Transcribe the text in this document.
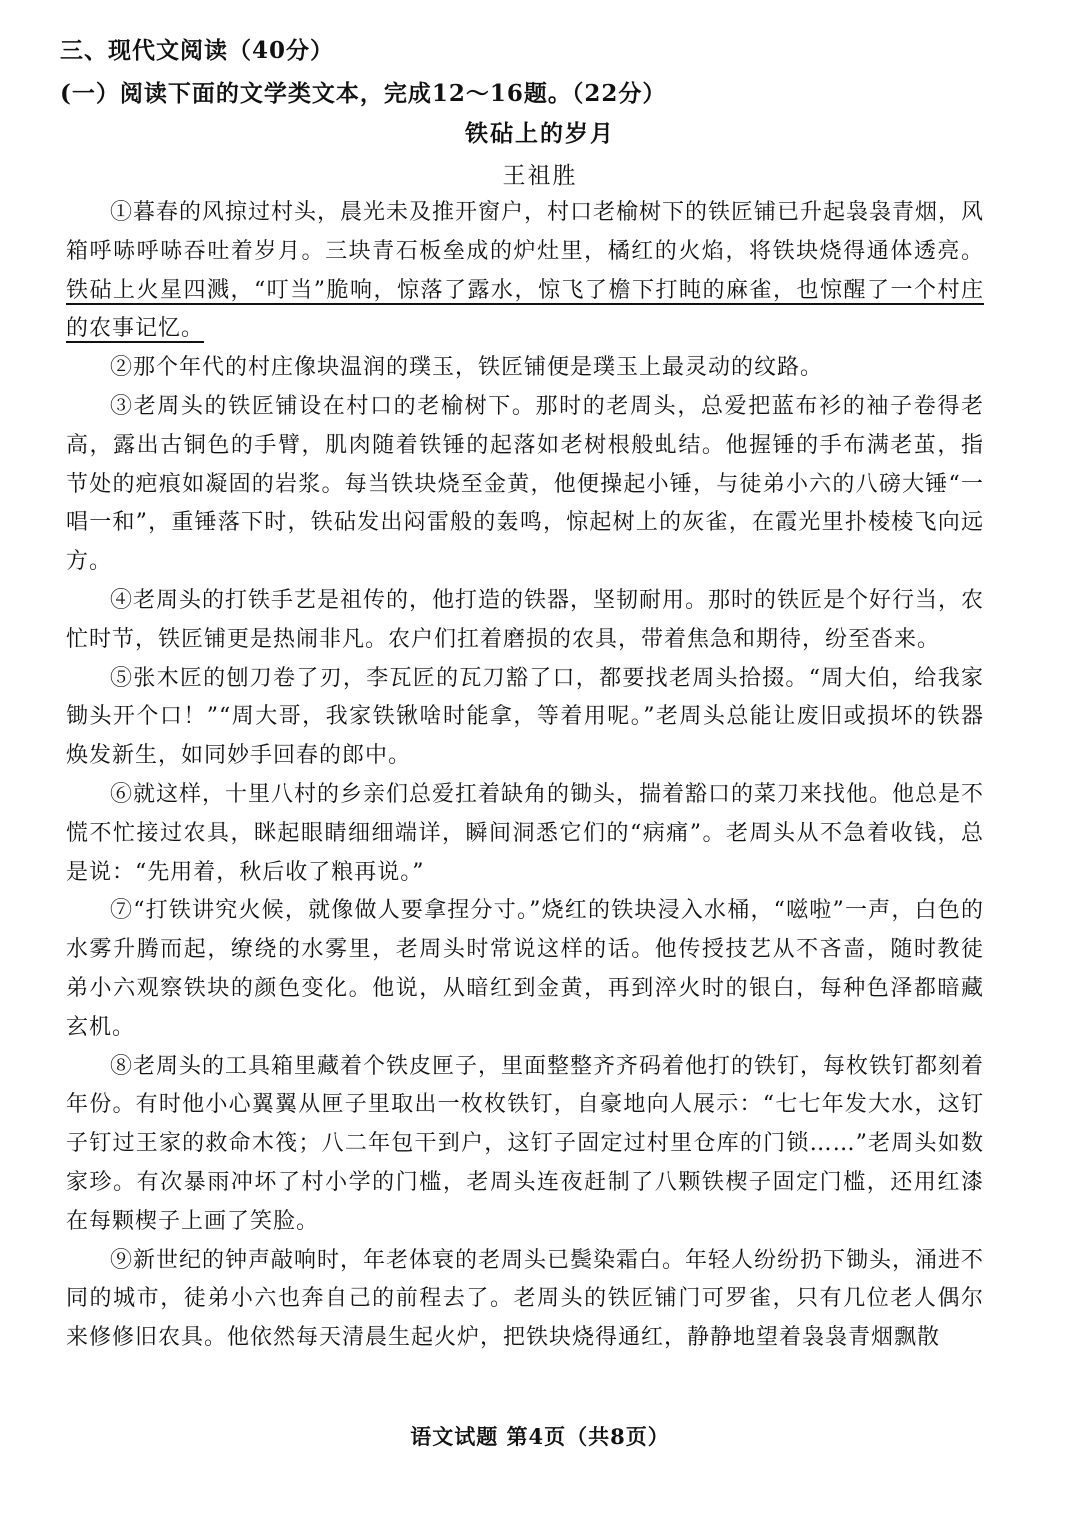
三、现代文阅读（40分）
(一）阅读下面的文学类文本，完成12～16题。（22分）
铁砧上的岁月
王祖胜

①暮春的风掠过村头，晨光未及推开窗户，村口老榆树下的铁匠铺已升起袅袅青烟，风箱呼哧呼哧吞吐着岁月。三块青石板垒成的炉灶里，橘红的火焰，将铁块烧得通体透亮。铁砧上火星四溅，“叮当”脆响，惊落了露水，惊飞了檐下打盹的麻雀，也惊醒了一个村庄的农事记忆。

②那个年代的村庄像块温润的璞玉，铁匠铺便是璞玉上最灵动的纹路。

③老周头的铁匠铺设在村口的老榆树下。那时的老周头，总爱把蓝布衫的袖子卷得老高，露出古铜色的手臂，肌肉随着铁锤的起落如老树根般虬结。他握锤的手布满老茧，指节处的疤痕如凝固的岩浆。每当铁块烧至金黄，他便操起小锤，与徒弟小六的八磅大锤“一唱一和”，重锤落下时，铁砧发出闷雷般的轰鸣，惊起树上的灰雀，在霞光里扑棱棱飞向远方。

④老周头的打铁手艺是祖传的，他打造的铁器，坚韧耐用。那时的铁匠是个好行当，农忙时节，铁匠铺更是热闹非凡。农户们扛着磨损的农具，带着焦急和期待，纷至沓来。

⑤张木匠的刨刀卷了刃，李瓦匠的瓦刀豁了口，都要找老周头拾掇。“周大伯，给我家锄头开个口！”“周大哥，我家铁锹啥时能拿，等着用呢。”老周头总能让废旧或损坏的铁器焕发新生，如同妙手回春的郎中。

⑥就这样，十里八村的乡亲们总爱扛着缺角的锄头，揣着豁口的菜刀来找他。他总是不慌不忙接过农具，眯起眼睛细细端详，瞬间洞悉它们的“病痛”。老周头从不急着收钱，总是说：“先用着，秋后收了粮再说。”

⑦“打铁讲究火候，就像做人要拿捏分寸。”烧红的铁块浸入水桶，“嗞啦”一声，白色的水雾升腾而起，缭绕的水雾里，老周头时常说这样的话。他传授技艺从不吝啬，随时教徒弟小六观察铁块的颜色变化。他说，从暗红到金黄，再到淬火时的银白，每种色泽都暗藏玄机。

⑧老周头的工具箱里藏着个铁皮匣子，里面整整齐齐码着他打的铁钉，每枚铁钉都刻着年份。有时他小心翼翼从匣子里取出一枚枚铁钉，自豪地向人展示：“七七年发大水，这钉子钉过王家的救命木筏；八二年包干到户，这钉子固定过村里仓库的门锁……”老周头如数家珍。有次暴雨冲坏了村小学的门槛，老周头连夜赶制了八颗铁楔子固定门槛，还用红漆在每颗楔子上画了笑脸。

⑨新世纪的钟声敲响时，年老体衰的老周头已鬓染霜白。年轻人纷纷扔下锄头，涌进不同的城市，徒弟小六也奔自己的前程去了。老周头的铁匠铺门可罗雀，只有几位老人偶尔来修修旧农具。他依然每天清晨生起火炉，把铁块烧得通红，静静地望着袅袅青烟飘散

语文试题 第4页（共8页）
